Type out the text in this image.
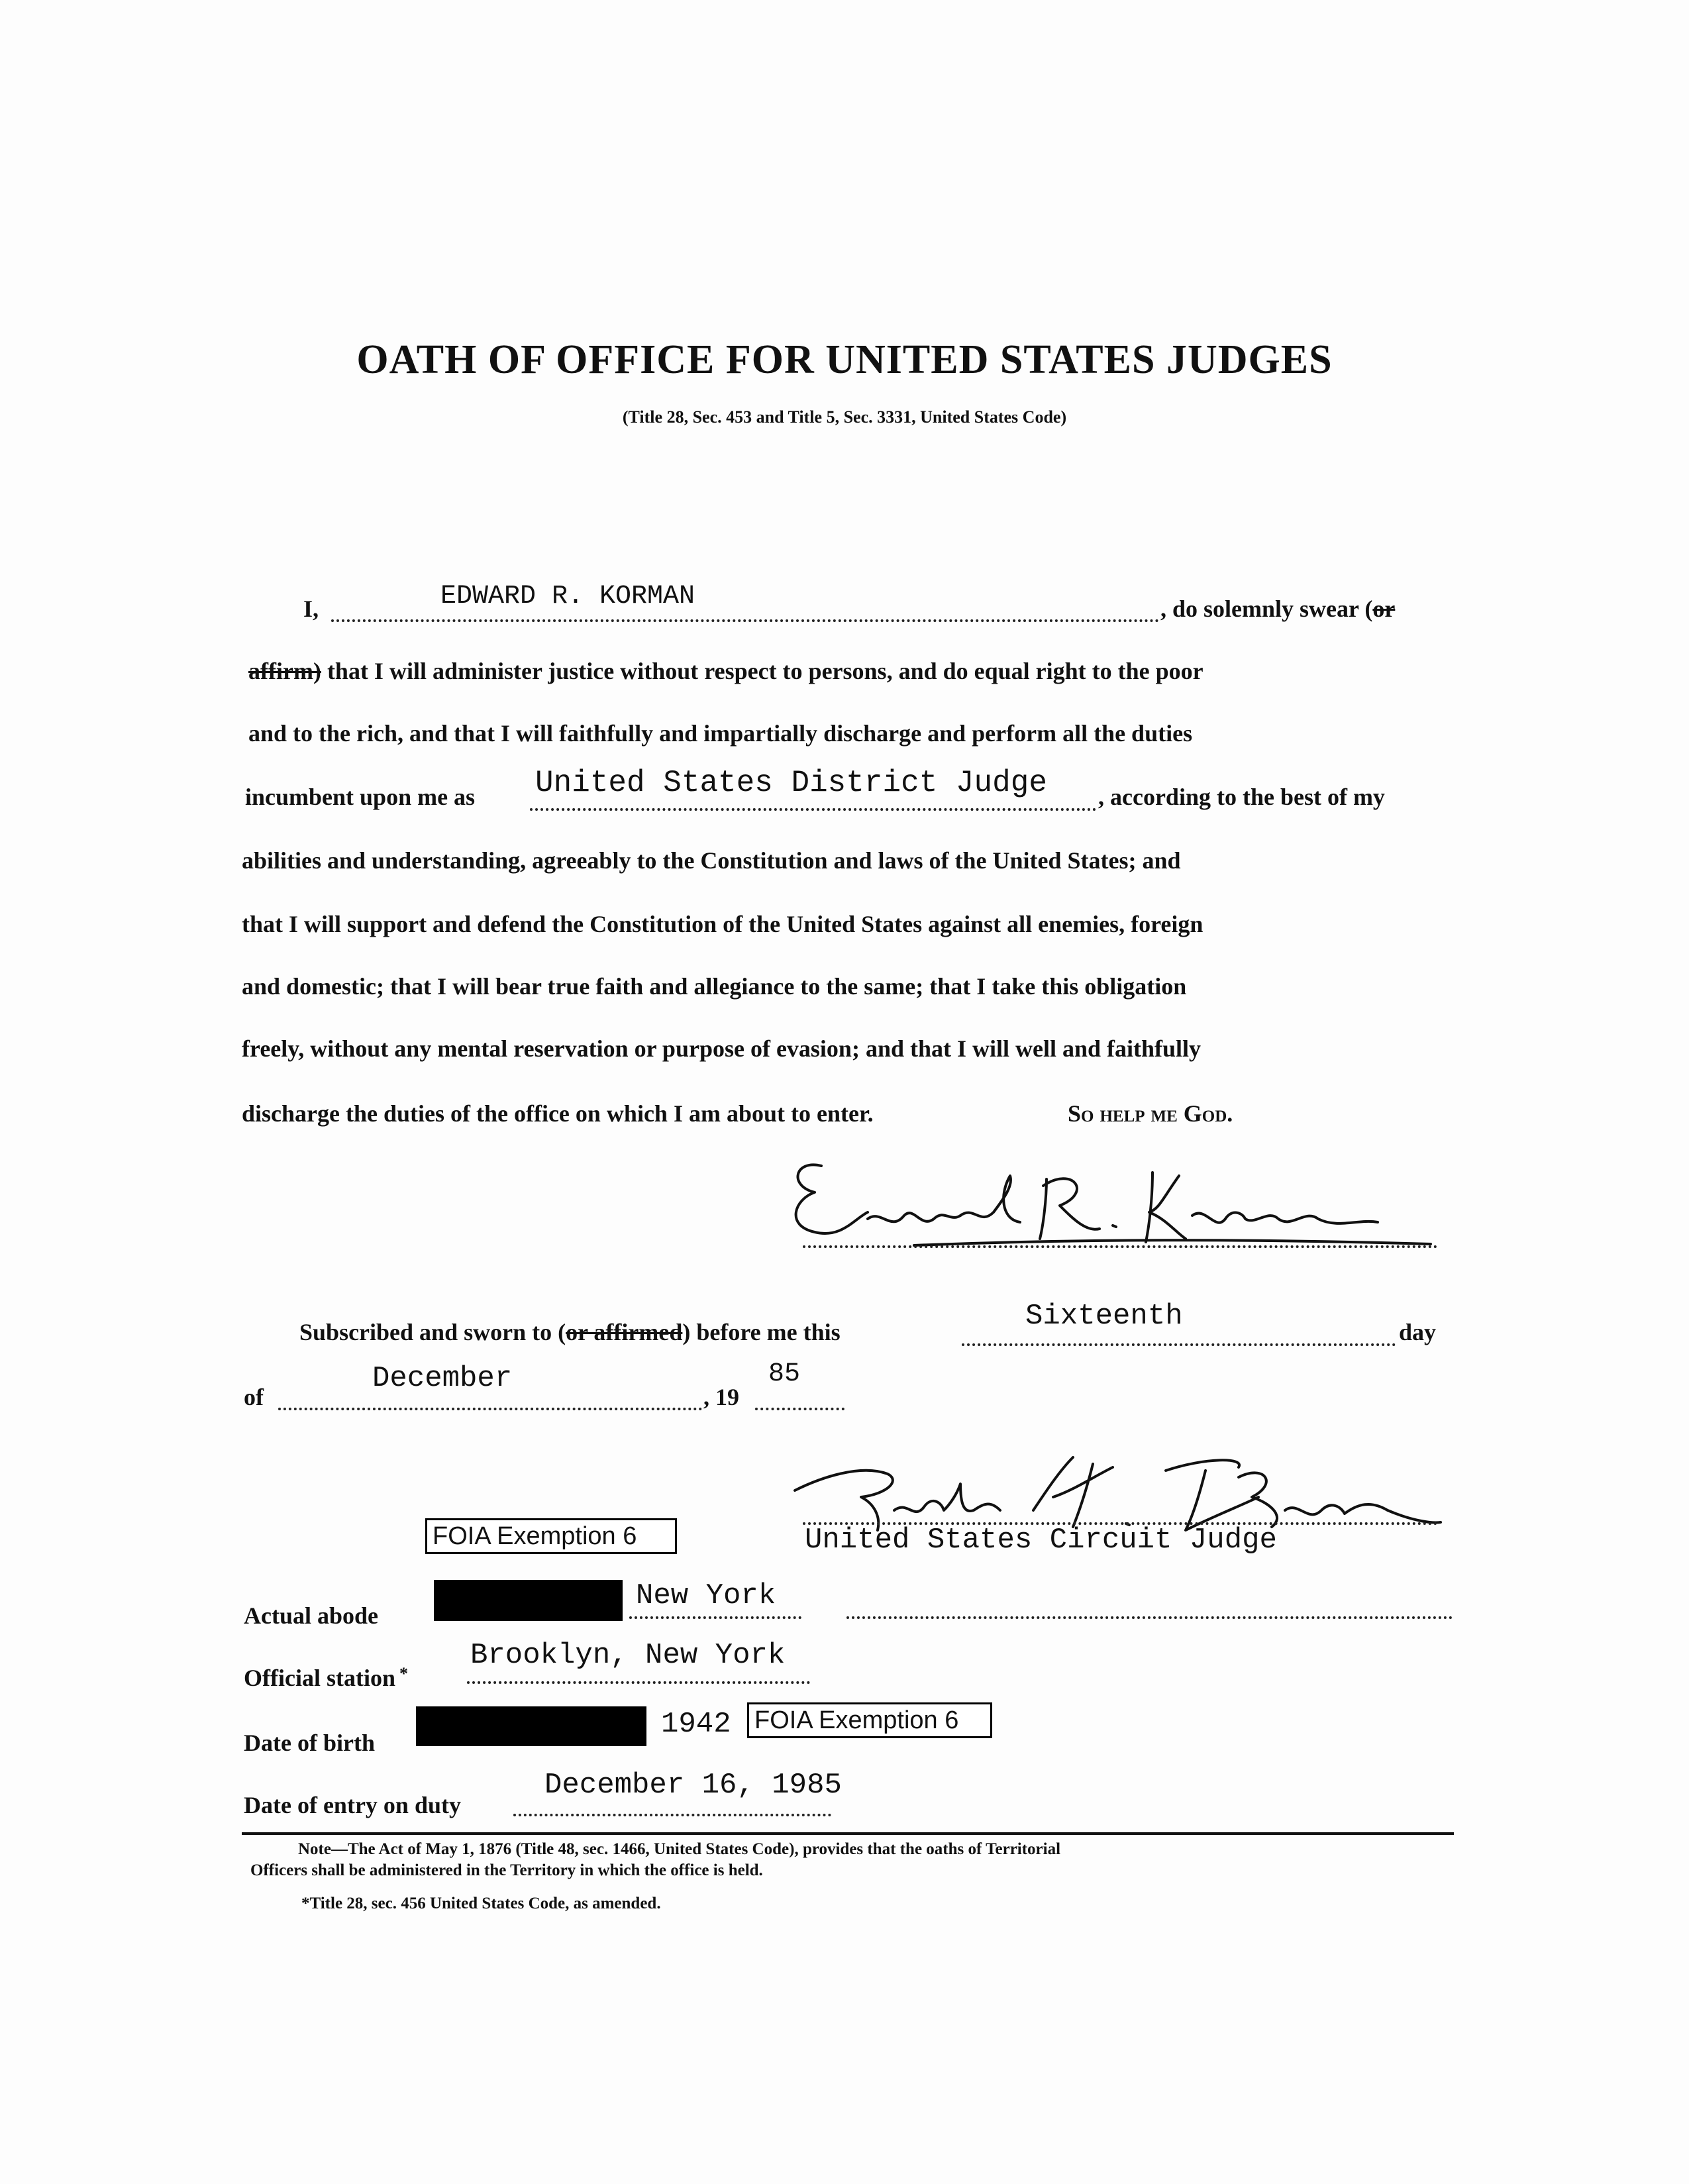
OATH OF OFFICE FOR UNITED STATES JUDGES
(Title 28, Sec. 453 and Title 5, Sec. 3331, United States Code)
I,	EDWARD R. KORMAN	, do solemnly swear (or
affirm) that I will administer justice without respect to persons, and do equal right to the poor
and to the rich, and that I will faithfully and impartially discharge and perform all the duties
incumbent upon me as United States District Judge , according to the best of my
abilities and understanding, agreeably to the Constitution and laws of the United States; and
that I will support and defend the Constitution of the United States against all enemies, foreign
and domestic; that I will bear true faith and allegiance to the same; that I take this obligation
freely, without any mental reservation or purpose of evasion; and that I will well and faithfully
discharge the duties of the office on which I am about to enter.	So help me God.
Subscribed and sworn to (or affirmed) before me this	Sixteenth	day
of
December
, 19
85
United States Circuit Judge
FOIA Exemption 6
Actual abode
New York
Official station *
Brooklyn, New York
Date of birth
1942 FOIA Exemption 6
Date of entry on duty
December 16, 1985
Note—The Act of May 1, 1876 (Title 48, sec. 1466, United States Code), provides that the oaths of Territorial
Officers shall be administered in the Territory in which the office is held.
*Title 28, sec. 456 United States Code, as amended.
